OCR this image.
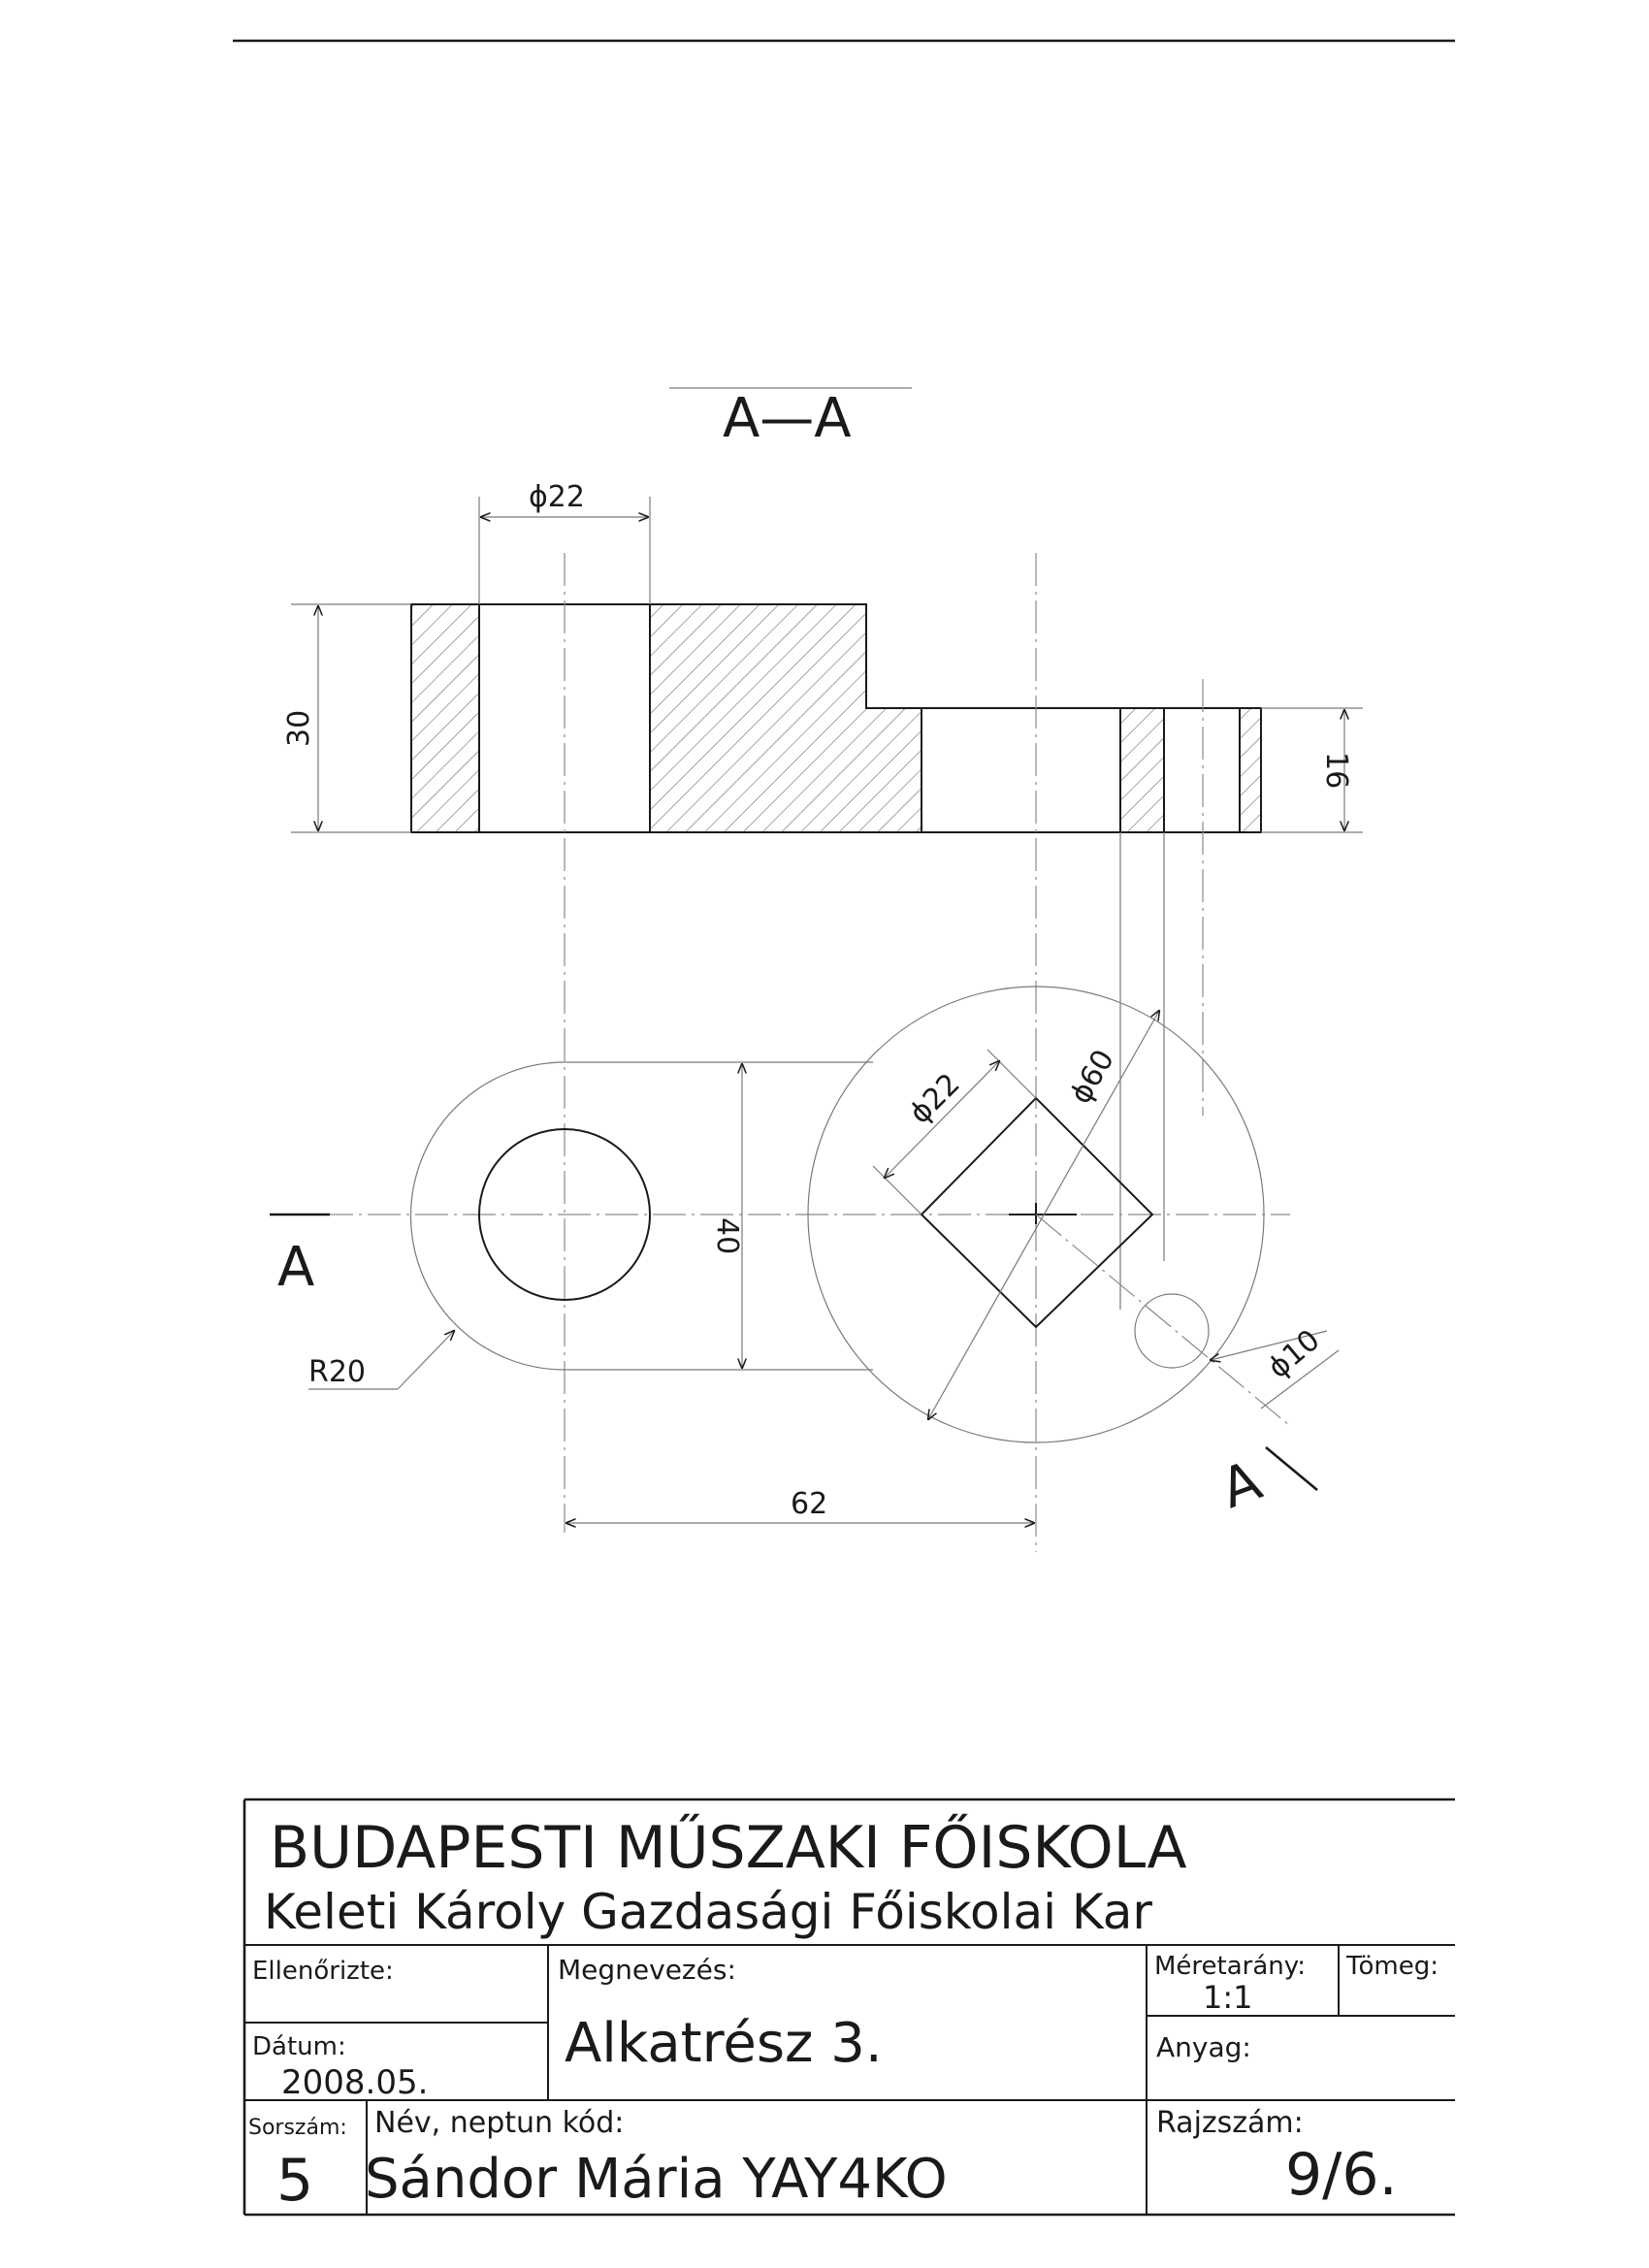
A—A
ϕ22
30
16
A
A
40
R20
ϕ22	ϕ60
ϕ10
62
BUDAPESTI MŰSZAKI FŐISKOLA
Keleti Károly Gazdasági Főiskolai Kar
Ellenőrizte:
Dátum:
2008.05.
Megnevezés:
Alkatrész 3.
Méretarány:
1:1
Tömeg:
Anyag:
Sorszám:
5
Név, neptun kód:
Sándor Mária YAY4KO
Rajzszám:
9/6.
